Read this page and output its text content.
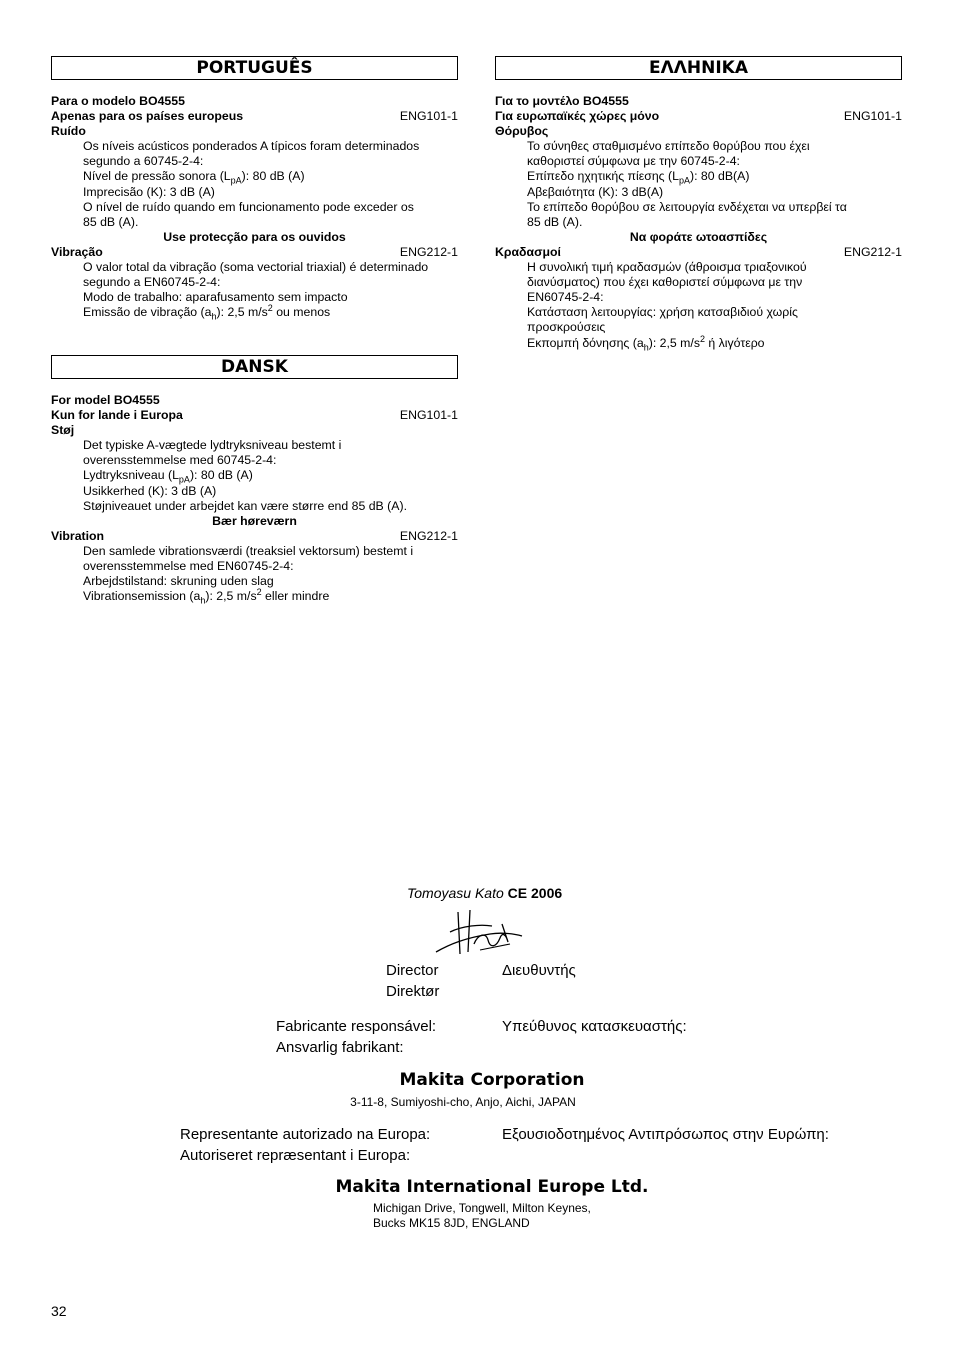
PORTUGUÊS
Para o modelo BO4555
Apenas para os países europeus	ENG101-1
Ruído
Os níveis acústicos ponderados A típicos foram determinados
segundo a 60745-2-4:
Nível de pressão sonora $(L_{pA})$: 80 dB (A)
Imprecisão (K): 3 dB (A)
O nível de ruído quando em funcionamento pode exceder os
85 dB (A).
Use protecção para os ouvidos
Vibração	ENG212-1
O valor total da vibração (soma vectorial triaxial) é determinado
segundo a EN60745-2-4:
Modo de trabalho: aparafusamento sem impacto
Emissão de vibração $(a_h)$: 2,5 $m/s^2$ ou menos
ΕΛΛΗΝΙΚΑ
Για το μοντέλο BO4555
Για ευρωπαϊκές χώρες μόνο	ENG101-1
Θόρυβος
Το σύνηθες σταθμισμένο επίπεδο θορύβου που έχει
καθοριστεί σύμφωνα με την 60745-2-4:
Επίπεδο ηχητικής πίεσης $(L_{pA})$: 80 dB(A)
Αβεβαιότητα (Κ): 3 dB(A)
Το επίπεδο θορύβου σε λειτουργία ενδέχεται να υπερβεί τα
85 dB (A).
Να φοράτε ωτοασπίδες
Κραδασμοί	ENG212-1
Η συνολική τιμή κραδασμών (άθροισμα τριαξονικού
διανύσματος) που έχει καθοριστεί σύμφωνα με την
EN60745-2-4:
Κατάσταση λειτουργίας: χρήση κατσαβιδιού χωρίς
προσκρούσεις
Εκπομπή δόνησης $(a_h)$: 2,5 $m/s^2$ ή λιγότερο
DANSK
For model BO4555
Kun for lande i Europa	ENG101-1
Støj
Det typiske A-vægtede lydtryksniveau bestemt i
overensstemmelse med 60745-2-4:
Lydtryksniveau $(L_{pA})$: 80 dB (A)
Usikkerhed (K): 3 dB (A)
Støjniveauet under arbejdet kan være større end 85 dB (A).
Bær høreværn
Vibration	ENG212-1
Den samlede vibrationsværdi (treaksiel vektorsum) bestemt i
overensstemmelse med EN60745-2-4:
Arbejdstilstand: skruning uden slag
Vibrationsemission $(a_h)$: 2,5 $m/s^2$ eller mindre
Tomoyasu Kato CE 2006
Director
Direktør
Διευθυντής
Fabricante responsável:
Ansvarlig fabrikant:
Υπεύθυνος κατασκευαστής:
Makita Corporation
3-11-8, Sumiyoshi-cho, Anjo, Aichi, JAPAN
Representante autorizado na Europa:
Autoriseret repræsentant i Europa:
Εξουσιοδοτημένος Αντιπρόσωπος στην Ευρώπη:
Makita International Europe Ltd.
Michigan Drive, Tongwell, Milton Keynes,
Bucks MK15 8JD, ENGLAND
32
